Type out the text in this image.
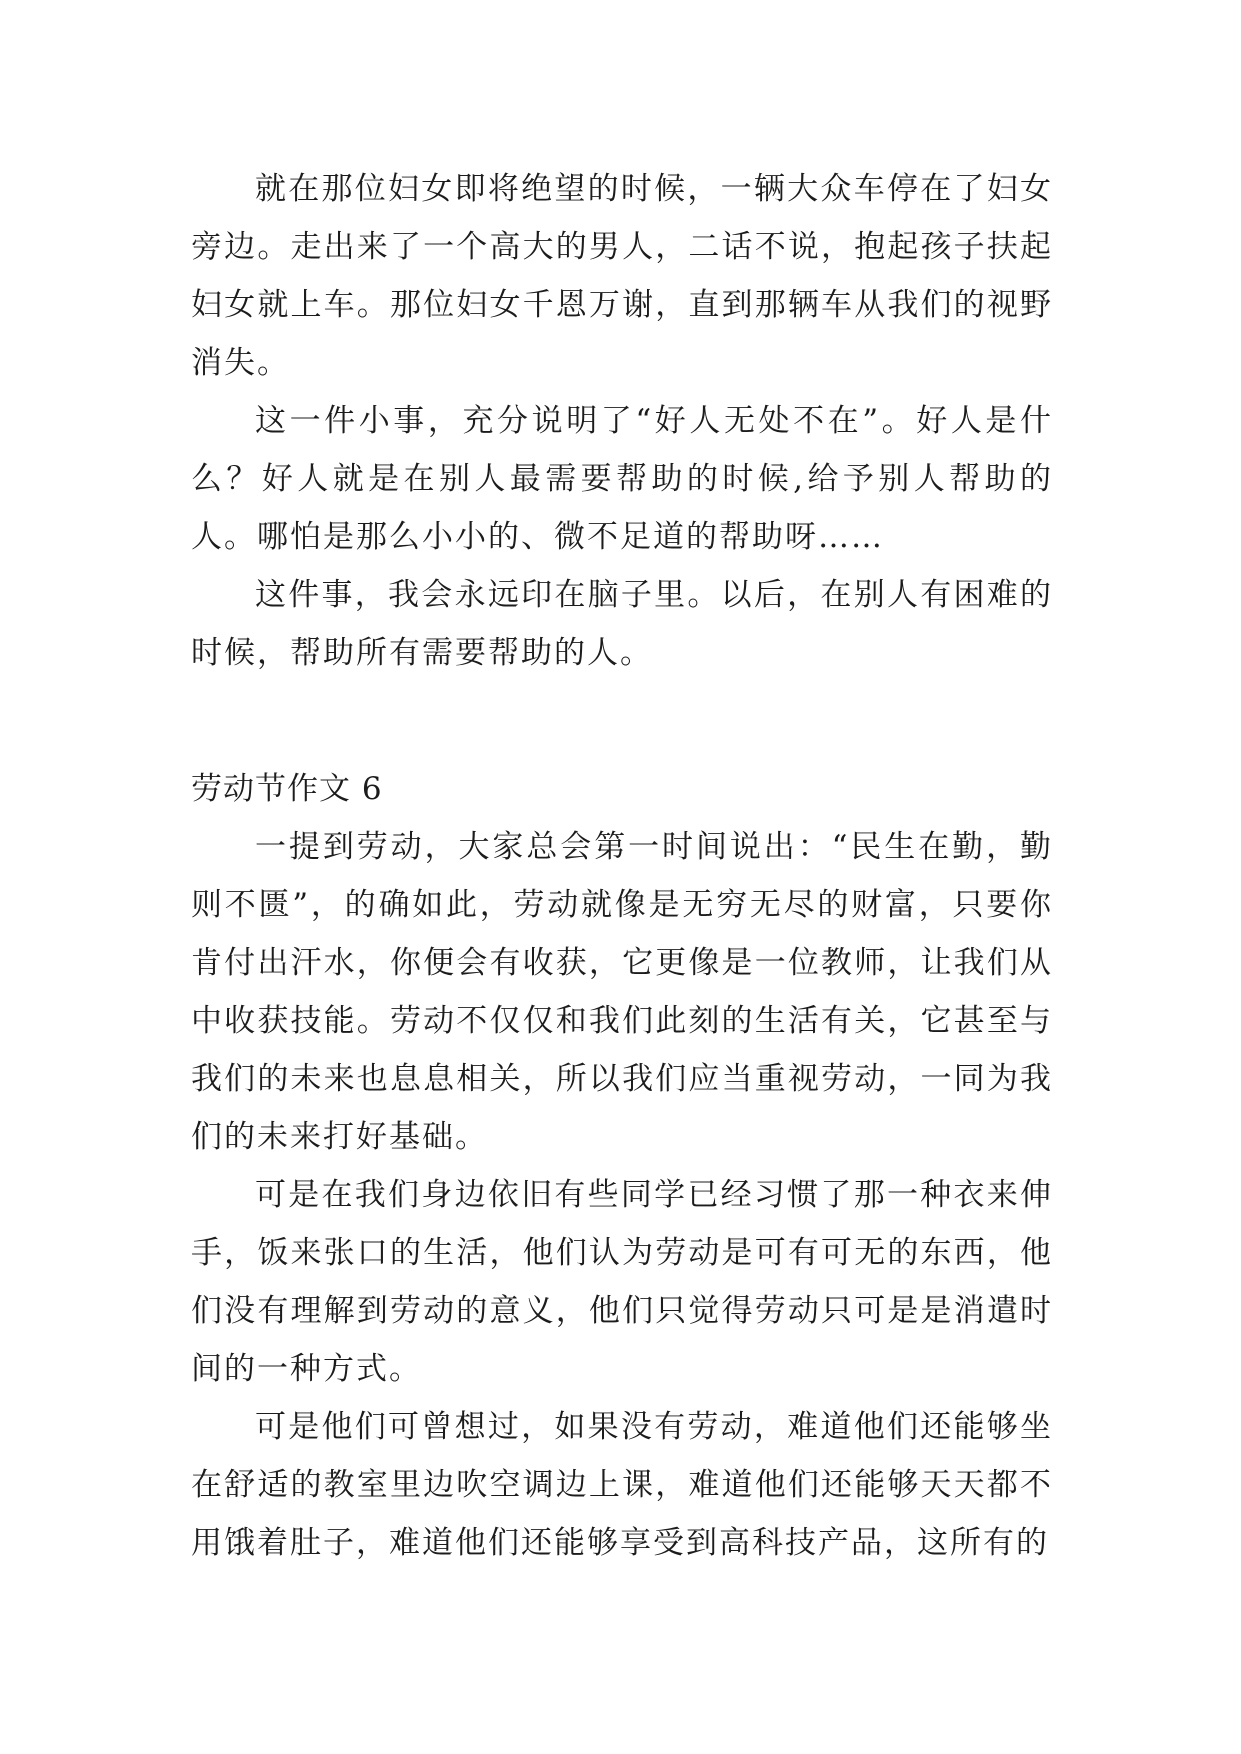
就在那位妇女即将绝望的时候，一辆大众车停在了妇女旁边。走出来了一个高大的男人，二话不说，抱起孩子扶起妇女就上车。那位妇女千恩万谢，直到那辆车从我们的视野消失。

这一件小事，充分说明了“好人无处不在”。好人是什么？好人就是在别人最需要帮助的时候,给予别人帮助的人。哪怕是那么小小的、微不足道的帮助呀……

这件事，我会永远印在脑子里。以后，在别人有困难的时候，帮助所有需要帮助的人。

劳动节作文 6

一提到劳动，大家总会第一时间说出：“民生在勤，勤则不匮”，的确如此，劳动就像是无穷无尽的财富，只要你肯付出汗水，你便会有收获，它更像是一位教师，让我们从中收获技能。劳动不仅仅和我们此刻的生活有关，它甚至与我们的未来也息息相关，所以我们应当重视劳动，一同为我们的未来打好基础。

可是在我们身边依旧有些同学已经习惯了那一种衣来伸手，饭来张口的生活，他们认为劳动是可有可无的东西，他们没有理解到劳动的意义，他们只觉得劳动只可是是消遣时间的一种方式。

可是他们可曾想过，如果没有劳动，难道他们还能够坐在舒适的教室里边吹空调边上课，难道他们还能够天天都不用饿着肚子，难道他们还能够享受到高科技产品，这所有的
